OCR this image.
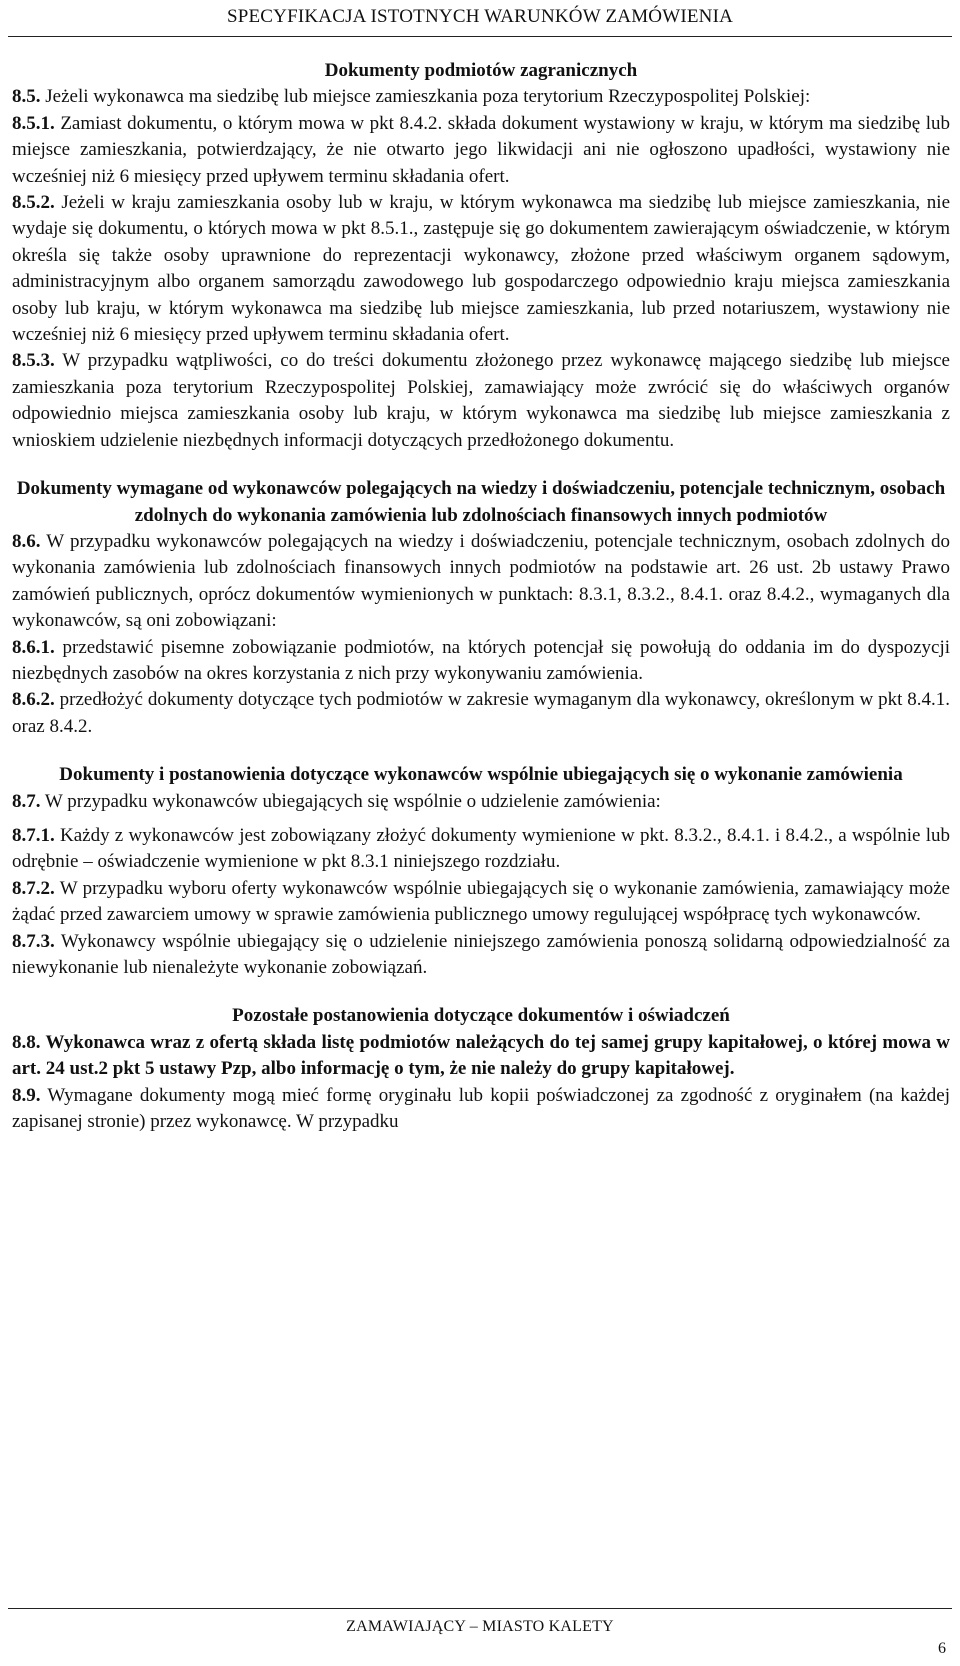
SPECYFIKACJA ISTOTNYCH WARUNKÓW ZAMÓWIENIA
Dokumenty podmiotów zagranicznych

8.5. Jeżeli wykonawca ma siedzibę lub miejsce zamieszkania poza terytorium Rzeczypospolitej Polskiej:

8.5.1. Zamiast dokumentu, o którym mowa w pkt 8.4.2. składa dokument wystawiony w kraju, w którym ma siedzibę lub miejsce zamieszkania, potwierdzający, że nie otwarto jego likwidacji ani nie ogłoszono upadłości, wystawiony nie wcześniej niż 6 miesięcy przed upływem terminu składania ofert.

8.5.2. Jeżeli w kraju zamieszkania osoby lub w kraju, w którym wykonawca ma siedzibę lub miejsce zamieszkania, nie wydaje się dokumentu, o których mowa w pkt 8.5.1., zastępuje się go dokumentem zawierającym oświadczenie, w którym określa się także osoby uprawnione do reprezentacji wykonawcy, złożone przed właściwym organem sądowym, administracyjnym albo organem samorządu zawodowego lub gospodarczego odpowiednio kraju miejsca zamieszkania osoby lub kraju, w którym wykonawca ma siedzibę lub miejsce zamieszkania, lub przed notariuszem, wystawiony nie wcześniej niż 6 miesięcy przed upływem terminu składania ofert.

8.5.3. W przypadku wątpliwości, co do treści dokumentu złożonego przez wykonawcę mającego siedzibę lub miejsce zamieszkania poza terytorium Rzeczypospolitej Polskiej, zamawiający może zwrócić się do właściwych organów odpowiednio miejsca zamieszkania osoby lub kraju, w którym wykonawca ma siedzibę lub miejsce zamieszkania z wnioskiem udzielenie niezbędnych informacji dotyczących przedłożonego dokumentu.

Dokumenty wymagane od wykonawców polegających na wiedzy i doświadczeniu, potencjale technicznym, osobach zdolnych do wykonania zamówienia lub zdolnościach finansowych innych podmiotów

8.6. W przypadku wykonawców polegających na wiedzy i doświadczeniu, potencjale technicznym, osobach zdolnych do wykonania zamówienia lub zdolnościach finansowych innych podmiotów na podstawie art. 26 ust. 2b ustawy Prawo zamówień publicznych, oprócz dokumentów wymienionych w punktach: 8.3.1, 8.3.2., 8.4.1. oraz 8.4.2., wymaganych dla wykonawców, są oni zobowiązani:

8.6.1. przedstawić pisemne zobowiązanie podmiotów, na których potencjał się powołują do oddania im do dyspozycji niezbędnych zasobów na okres korzystania z nich przy wykonywaniu zamówienia.

8.6.2. przedłożyć dokumenty dotyczące tych podmiotów w zakresie wymaganym dla wykonawcy, określonym w pkt 8.4.1. oraz 8.4.2.

Dokumenty i postanowienia dotyczące wykonawców wspólnie ubiegających się o wykonanie zamówienia

8.7. W przypadku wykonawców ubiegających się wspólnie o udzielenie zamówienia:

8.7.1. Każdy z wykonawców jest zobowiązany złożyć dokumenty wymienione w pkt. 8.3.2., 8.4.1. i 8.4.2., a wspólnie lub odrębnie – oświadczenie wymienione w pkt 8.3.1 niniejszego rozdziału.

8.7.2. W przypadku wyboru oferty wykonawców wspólnie ubiegających się o wykonanie zamówienia, zamawiający może żądać przed zawarciem umowy w sprawie zamówienia publicznego umowy regulującej współpracę tych wykonawców.

8.7.3. Wykonawcy wspólnie ubiegający się o udzielenie niniejszego zamówienia ponoszą solidarną odpowiedzialność za niewykonanie lub nienależyte wykonanie zobowiązań.

Pozostałe postanowienia dotyczące dokumentów i oświadczeń

8.8. Wykonawca wraz z ofertą składa listę podmiotów należących do tej samej grupy kapitałowej, o której mowa w art. 24 ust.2 pkt 5 ustawy Pzp, albo informację o tym, że nie należy do grupy kapitałowej.

8.9. Wymagane dokumenty mogą mieć formę oryginału lub kopii poświadczonej za zgodność z oryginałem (na każdej zapisanej stronie) przez wykonawcę. W przypadku

ZAMAWIAJĄCY – MIASTO KALETY
6
